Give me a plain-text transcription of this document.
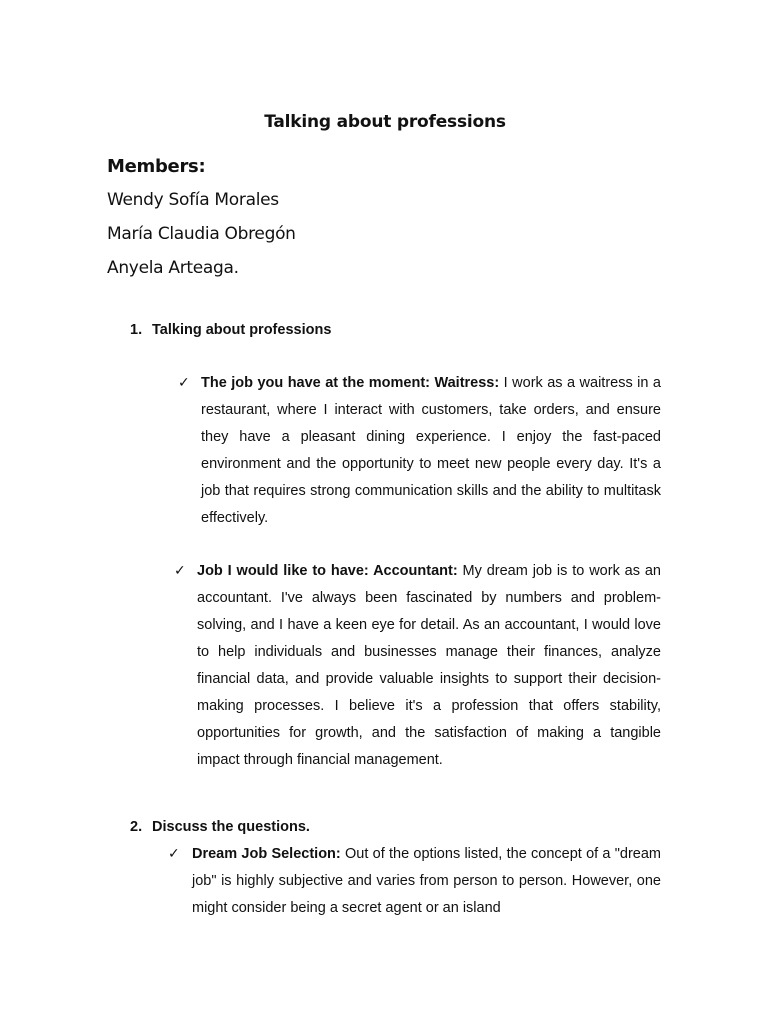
Talking about professions
Members:
Wendy Sofía Morales
María Claudia Obregón
Anyela Arteaga.
1. Talking about professions
✓ The job you have at the moment: Waitress: I work as a waitress in a restaurant, where I interact with customers, take orders, and ensure they have a pleasant dining experience. I enjoy the fast-paced environment and the opportunity to meet new people every day. It's a job that requires strong communication skills and the ability to multitask effectively.
✓ Job I would like to have: Accountant: My dream job is to work as an accountant. I've always been fascinated by numbers and problem-solving, and I have a keen eye for detail. As an accountant, I would love to help individuals and businesses manage their finances, analyze financial data, and provide valuable insights to support their decision-making processes. I believe it's a profession that offers stability, opportunities for growth, and the satisfaction of making a tangible impact through financial management.
2. Discuss the questions.
✓ Dream Job Selection: Out of the options listed, the concept of a "dream job" is highly subjective and varies from person to person. However, one might consider being a secret agent or an island
